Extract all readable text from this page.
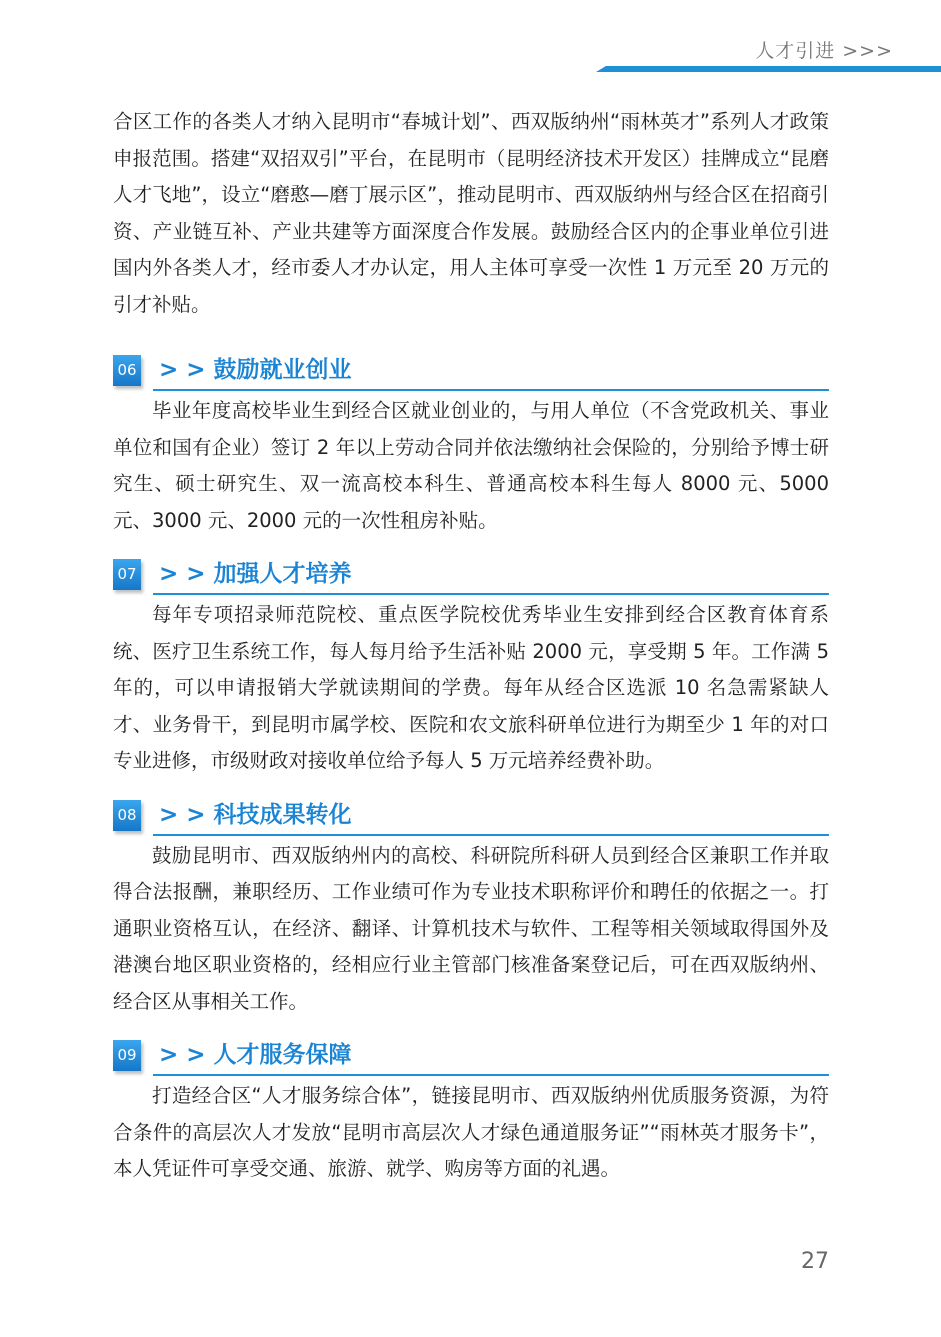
人才引进 >>>

合区工作的各类人才纳入昆明市“春城计划”、西双版纳州“雨林英才”系列人才政策申报范围。搭建“双招双引”平台，在昆明市（昆明经济技术开发区）挂牌成立“昆磨人才飞地”，设立“磨憨—磨丁展示区”，推动昆明市、西双版纳州与经合区在招商引资、产业链互补、产业共建等方面深度合作发展。鼓励经合区内的企事业单位引进国内外各类人才，经市委人才办认定，用人主体可享受一次性 1 万元至 20 万元的引才补贴。

06 > > 鼓励就业创业

毕业年度高校毕业生到经合区就业创业的，与用人单位（不含党政机关、事业单位和国有企业）签订 2 年以上劳动合同并依法缴纳社会保险的，分别给予博士研究生、硕士研究生、双一流高校本科生、普通高校本科生每人 8000 元、5000 元、3000 元、2000 元的一次性租房补贴。

07 > > 加强人才培养

每年专项招录师范院校、重点医学院校优秀毕业生安排到经合区教育体育系统、医疗卫生系统工作，每人每月给予生活补贴 2000 元，享受期 5 年。工作满 5 年的，可以申请报销大学就读期间的学费。每年从经合区选派 10 名急需紧缺人才、业务骨干，到昆明市属学校、医院和农文旅科研单位进行为期至少 1 年的对口专业进修，市级财政对接收单位给予每人 5 万元培养经费补助。

08 > > 科技成果转化

鼓励昆明市、西双版纳州内的高校、科研院所科研人员到经合区兼职工作并取得合法报酬，兼职经历、工作业绩可作为专业技术职称评价和聘任的依据之一。打通职业资格互认，在经济、翻译、计算机技术与软件、工程等相关领域取得国外及港澳台地区职业资格的，经相应行业主管部门核准备案登记后，可在西双版纳州、经合区从事相关工作。

09 > > 人才服务保障

打造经合区“人才服务综合体”，链接昆明市、西双版纳州优质服务资源，为符合条件的高层次人才发放“昆明市高层次人才绿色通道服务证”“雨林英才服务卡”，本人凭证件可享受交通、旅游、就学、购房等方面的礼遇。

27
